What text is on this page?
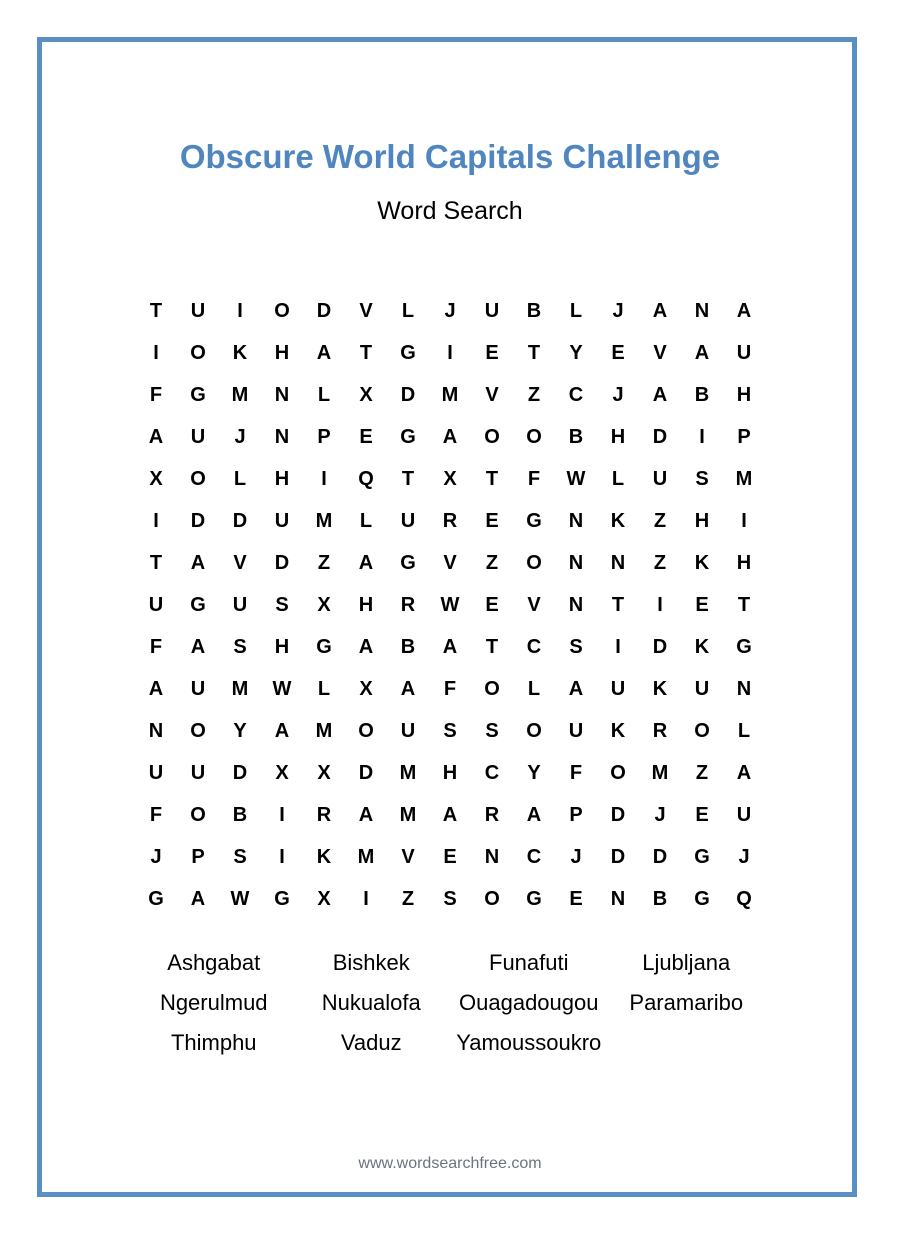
Obscure World Capitals Challenge
Word Search
T	U	I	O	D	V	L	J	U	B	L	J	A	N	A
I	O	K	H	A	T	G	I	E	T	Y	E	V	A	U
F	G	M	N	L	X	D	M	V	Z	C	J	A	B	H
A	U	J	N	P	E	G	A	O	O	B	H	D	I	P
X	O	L	H	I	Q	T	X	T	F	W	L	U	S	M
I	D	D	U	M	L	U	R	E	G	N	K	Z	H	I
T	A	V	D	Z	A	G	V	Z	O	N	N	Z	K	H
U	G	U	S	X	H	R	W	E	V	N	T	I	E	T
F	A	S	H	G	A	B	A	T	C	S	I	D	K	G
A	U	M	W	L	X	A	F	O	L	A	U	K	U	N
N	O	Y	A	M	O	U	S	S	O	U	K	R	O	L
U	U	D	X	X	D	M	H	C	Y	F	O	M	Z	A
F	O	B	I	R	A	M	A	R	A	P	D	J	E	U
J	P	S	I	K	M	V	E	N	C	J	D	D	G	J
G	A	W	G	X	I	Z	S	O	G	E	N	B	G	Q
Ashgabat	Bishkek	Funafuti	Ljubljana
Ngerulmud	Nukualofa	Ouagadougou	Paramaribo
Thimphu	Vaduz	Yamoussoukro
www.wordsearchfree.com
